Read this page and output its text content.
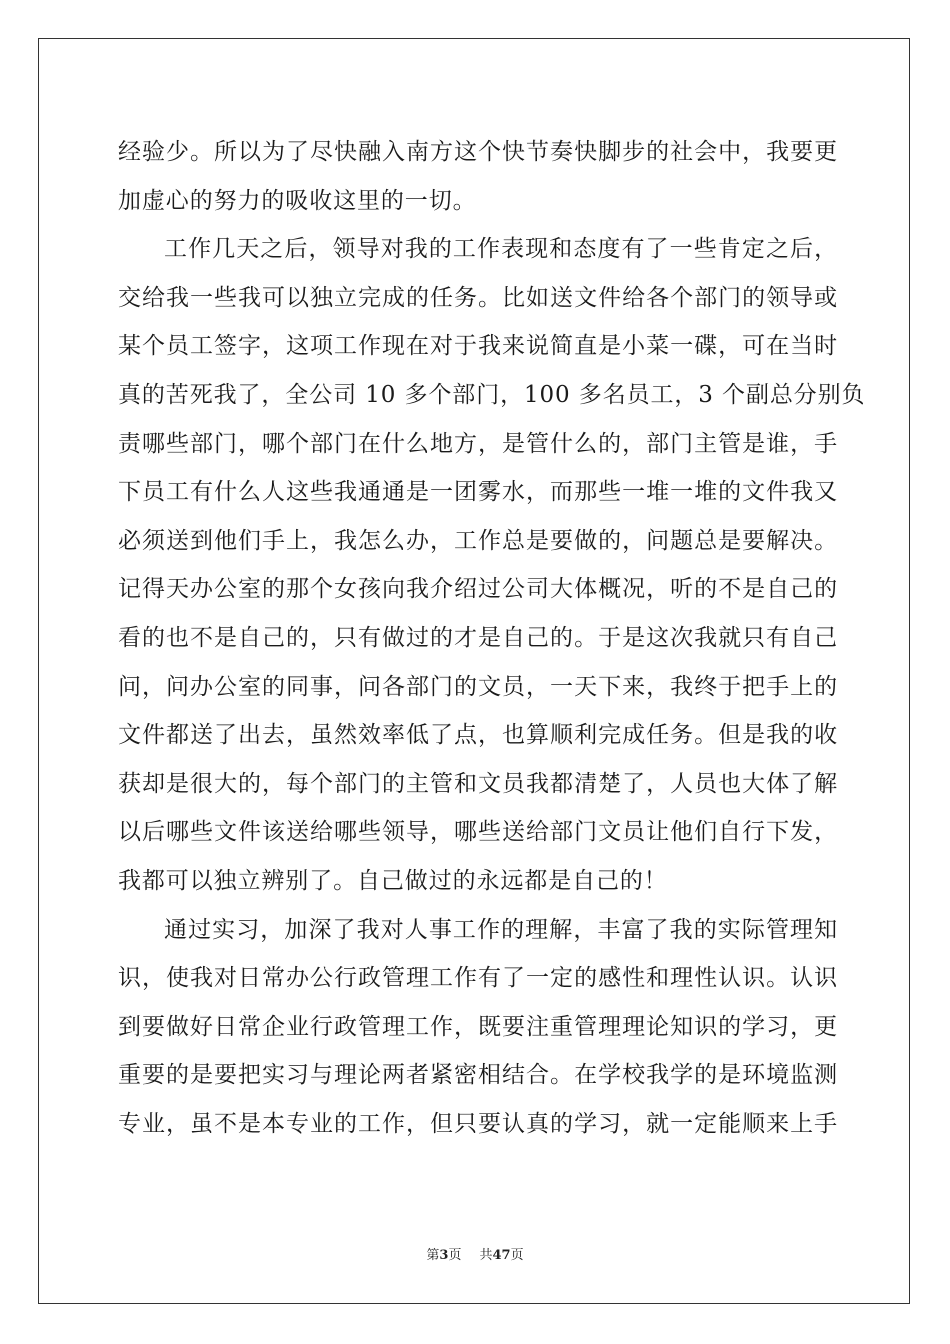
经验少。所以为了尽快融入南方这个快节奏快脚步的社会中，我要更
加虚心的努力的吸收这里的一切。
工作几天之后，领导对我的工作表现和态度有了一些肯定之后，
交给我一些我可以独立完成的任务。比如送文件给各个部门的领导或
某个员工签字，这项工作现在对于我来说简直是小菜一碟，可在当时
真的苦死我了，全公司 10 多个部门，100 多名员工，3 个副总分别负
责哪些部门，哪个部门在什么地方，是管什么的，部门主管是谁，手
下员工有什么人这些我通通是一团雾水，而那些一堆一堆的文件我又
必须送到他们手上，我怎么办，工作总是要做的，问题总是要解决。
记得天办公室的那个女孩向我介绍过公司大体概况，听的不是自己的
看的也不是自己的，只有做过的才是自己的。于是这次我就只有自己
问，问办公室的同事，问各部门的文员，一天下来，我终于把手上的
文件都送了出去，虽然效率低了点，也算顺利完成任务。但是我的收
获却是很大的，每个部门的主管和文员我都清楚了，人员也大体了解
以后哪些文件该送给哪些领导，哪些送给部门文员让他们自行下发，
我都可以独立辨别了。自己做过的永远都是自己的！
通过实习，加深了我对人事工作的理解，丰富了我的实际管理知
识，使我对日常办公行政管理工作有了一定的感性和理性认识。认识
到要做好日常企业行政管理工作，既要注重管理理论知识的学习，更
重要的是要把实习与理论两者紧密相结合。在学校我学的是环境监测
专业，虽不是本专业的工作，但只要认真的学习，就一定能顺来上手
第3页 共47页
